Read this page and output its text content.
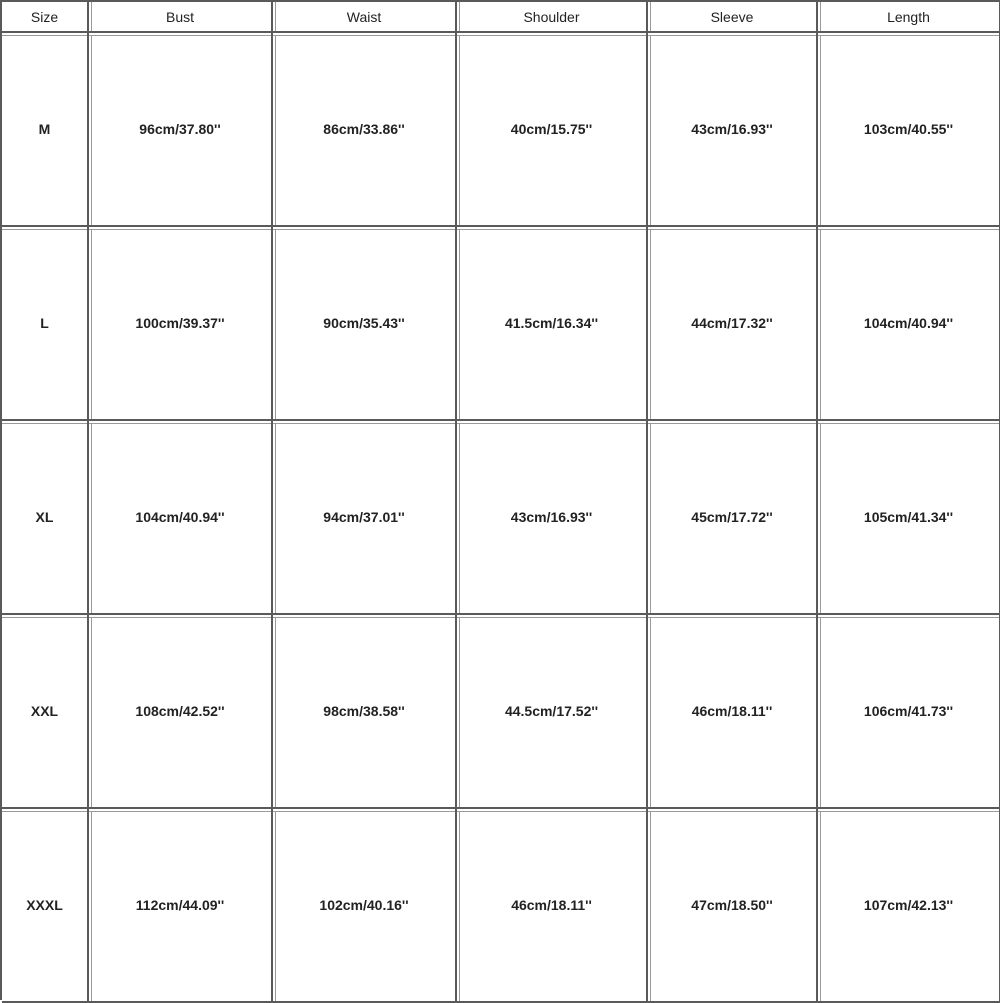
Size	Bust	Waist	Shoulder	Sleeve	Length
M	96cm/37.80''	86cm/33.86''	40cm/15.75''	43cm/16.93''	103cm/40.55''
L	100cm/39.37''	90cm/35.43''	41.5cm/16.34''	44cm/17.32''	104cm/40.94''
XL	104cm/40.94''	94cm/37.01''	43cm/16.93''	45cm/17.72''	105cm/41.34''
XXL	108cm/42.52''	98cm/38.58''	44.5cm/17.52''	46cm/18.11''	106cm/41.73''
XXXL	112cm/44.09''	102cm/40.16''	46cm/18.11''	47cm/18.50''	107cm/42.13''
